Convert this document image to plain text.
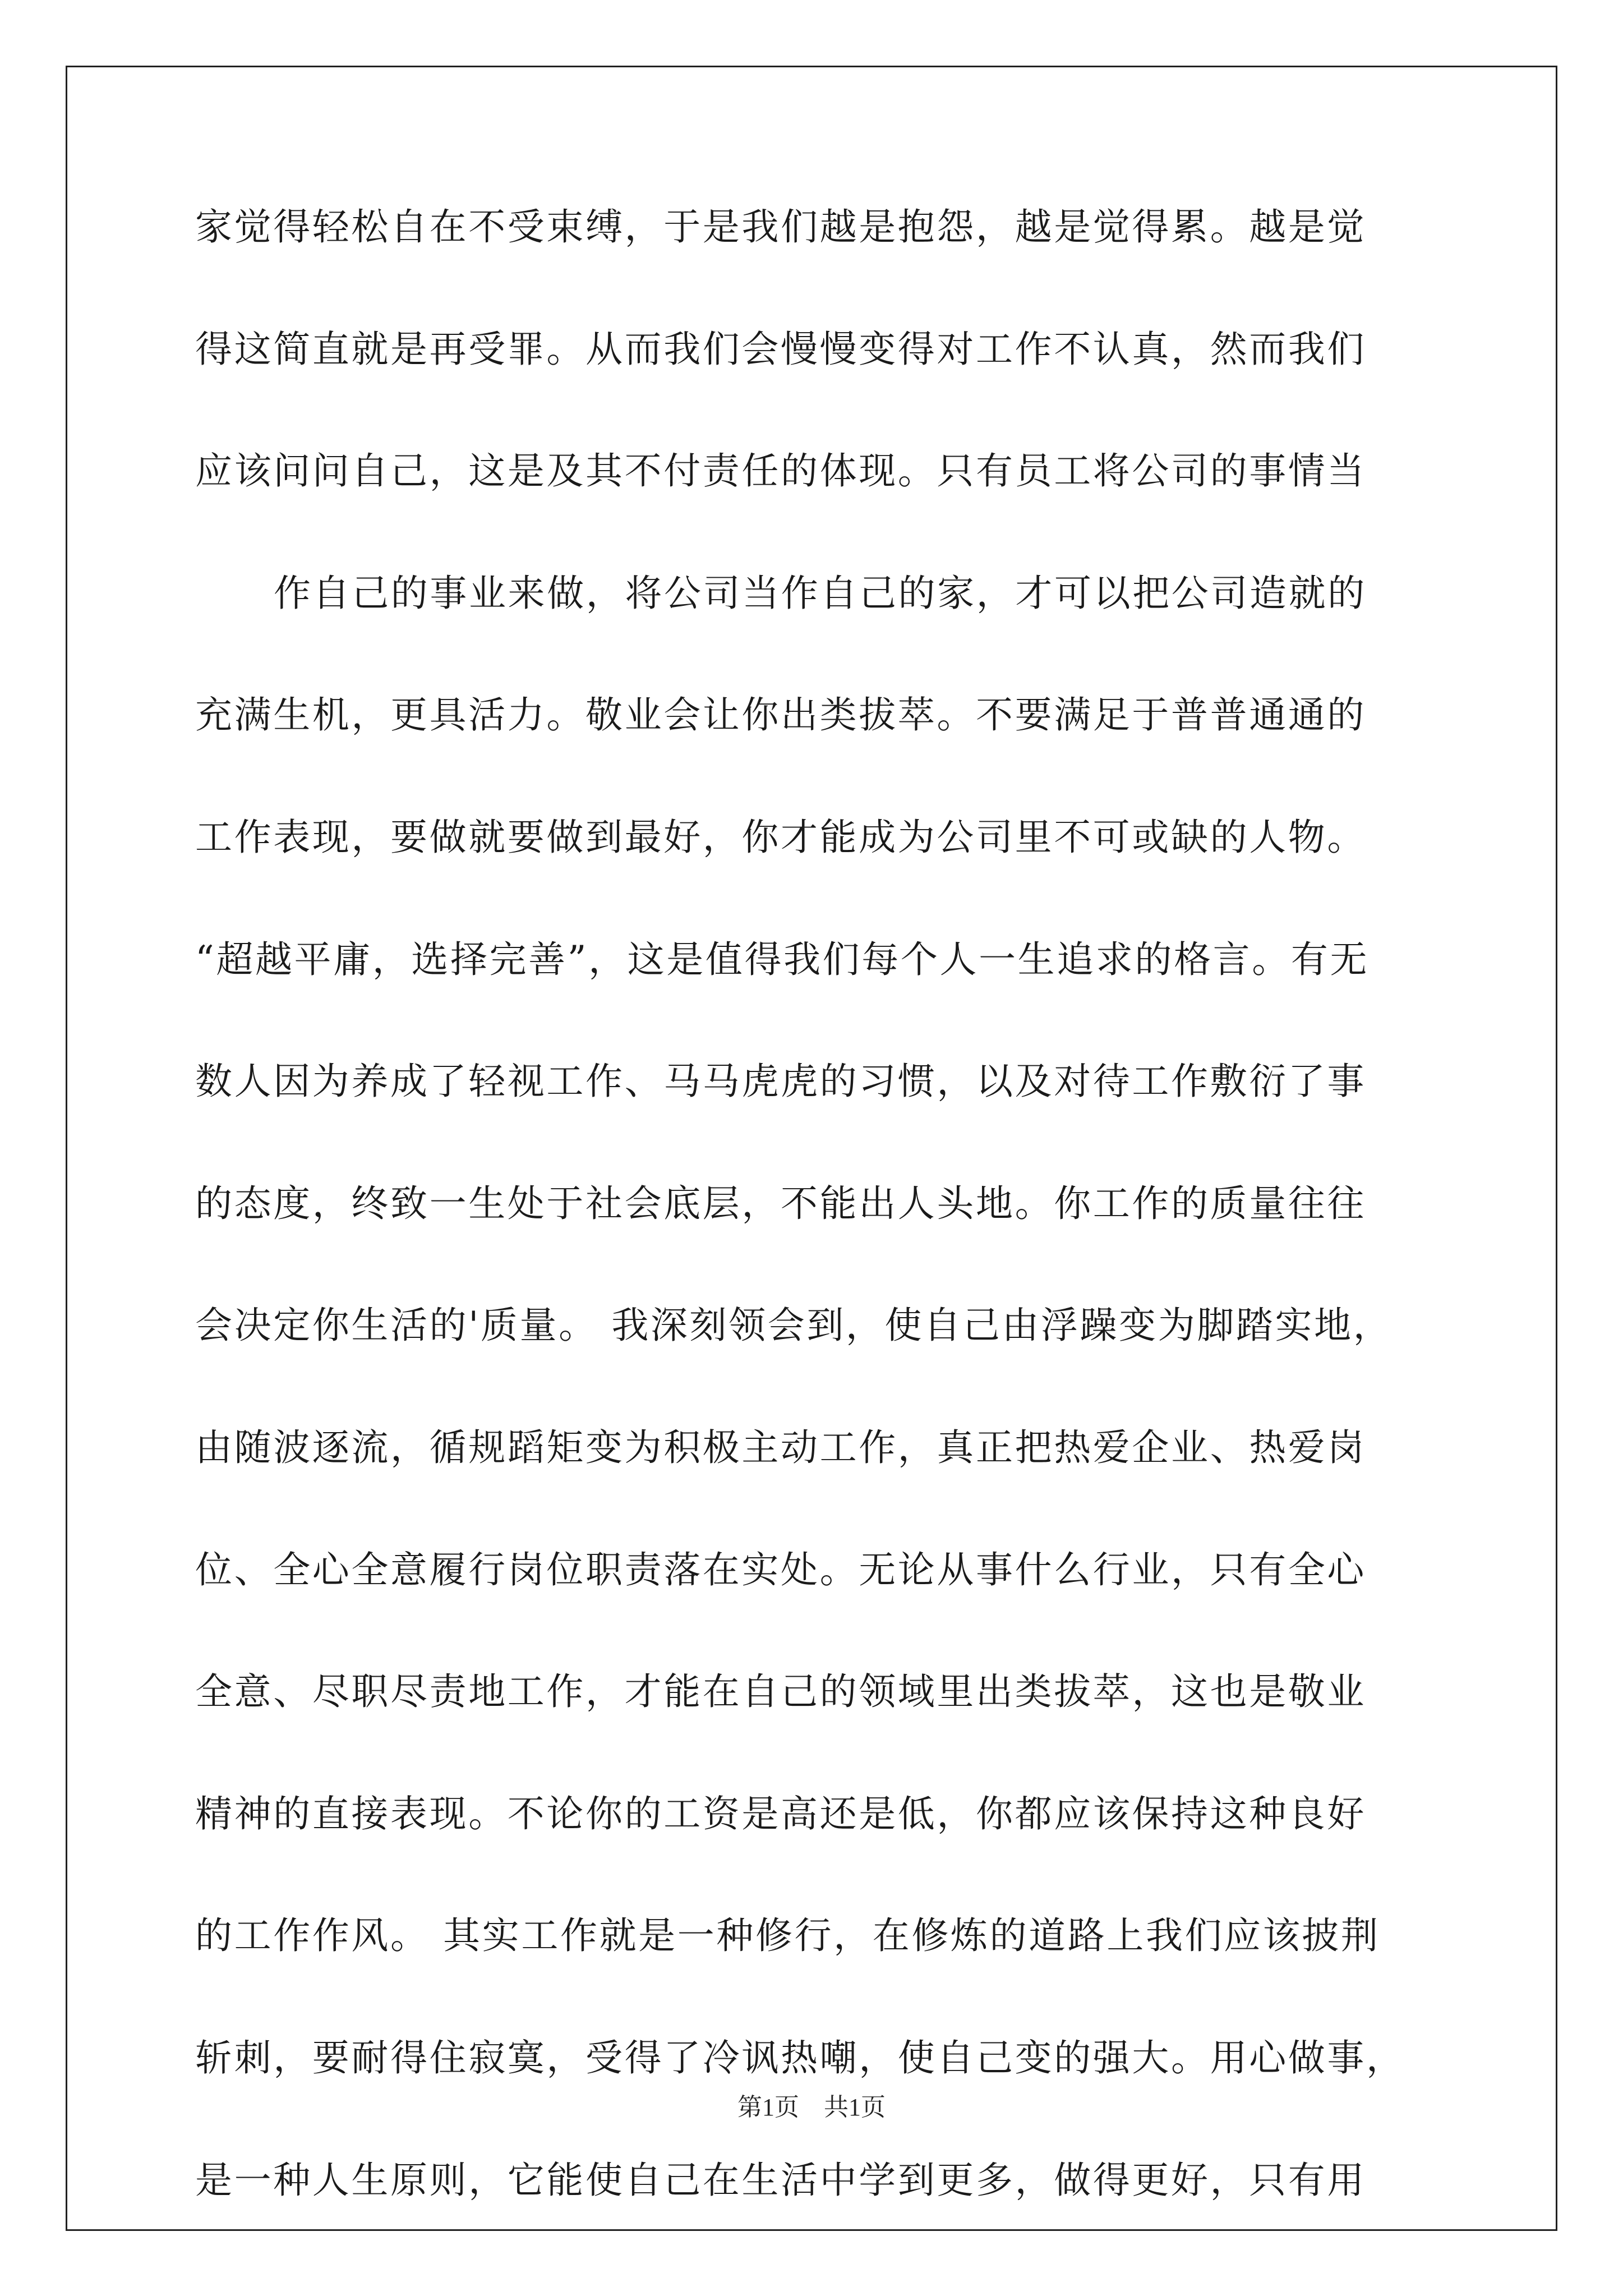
家觉得轻松自在不受束缚，于是我们越是抱怨，越是觉得累。越是觉
得这简直就是再受罪。从而我们会慢慢变得对工作不认真，然而我们
应该问问自己，这是及其不付责任的体现。只有员工将公司的事情当
作自己的事业来做，将公司当作自己的家，才可以把公司造就的
充满生机，更具活力。敬业会让你出类拔萃。不要满足于普普通通的
工作表现，要做就要做到最好，你才能成为公司里不可或缺的人物。
“超越平庸，选择完善”，这是值得我们每个人一生追求的格言。有无
数人因为养成了轻视工作、马马虎虎的习惯，以及对待工作敷衍了事
的态度，终致一生处于社会底层，不能出人头地。你工作的质量往往
会决定你生活的'质量。 我深刻领会到，使自己由浮躁变为脚踏实地，
由随波逐流，循规蹈矩变为积极主动工作，真正把热爱企业、热爱岗
位、全心全意履行岗位职责落在实处。无论从事什么行业，只有全心
全意、尽职尽责地工作，才能在自己的领域里出类拔萃，这也是敬业
精神的直接表现。不论你的工资是高还是低，你都应该保持这种良好
的工作作风。 其实工作就是一种修行，在修炼的道路上我们应该披荆
斩刺，要耐得住寂寞，受得了冷讽热嘲，使自己变的强大。用心做事，
是一种人生原则，它能使自己在生活中学到更多，做得更好，只有用
第1页　共1页
